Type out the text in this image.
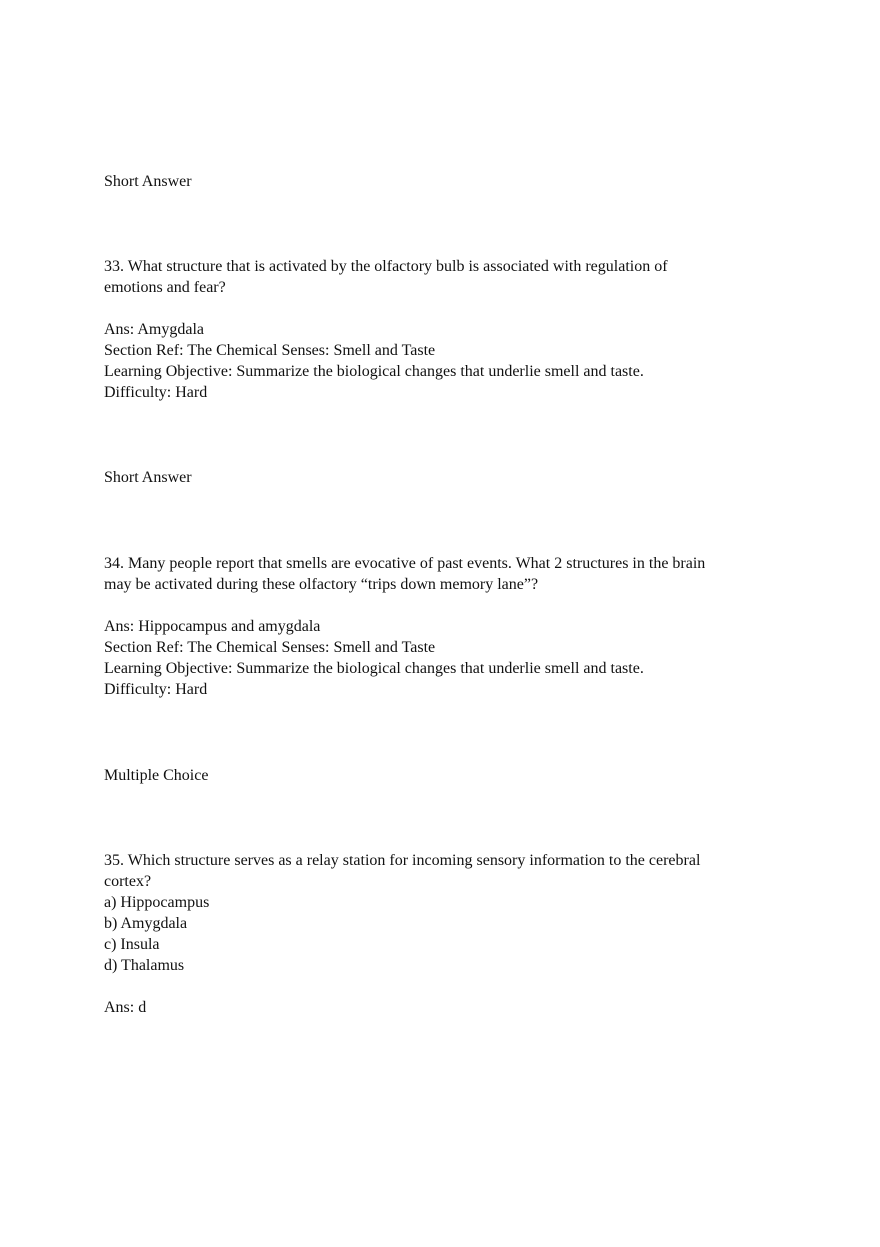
Short Answer

33. What structure that is activated by the olfactory bulb is associated with regulation of

emotions and fear?

Ans: Amygdala

Section Ref: The Chemical Senses: Smell and Taste

Learning Objective: Summarize the biological changes that underlie smell and taste.

Difficulty: Hard

Short Answer

34. Many people report that smells are evocative of past events. What 2 structures in the brain

may be activated during these olfactory “trips down memory lane”?

Ans: Hippocampus and amygdala

Section Ref: The Chemical Senses: Smell and Taste

Learning Objective: Summarize the biological changes that underlie smell and taste.

Difficulty: Hard

Multiple Choice

35. Which structure serves as a relay station for incoming sensory information to the cerebral

cortex?

a) Hippocampus

b) Amygdala

c) Insula

d) Thalamus

Ans: d
